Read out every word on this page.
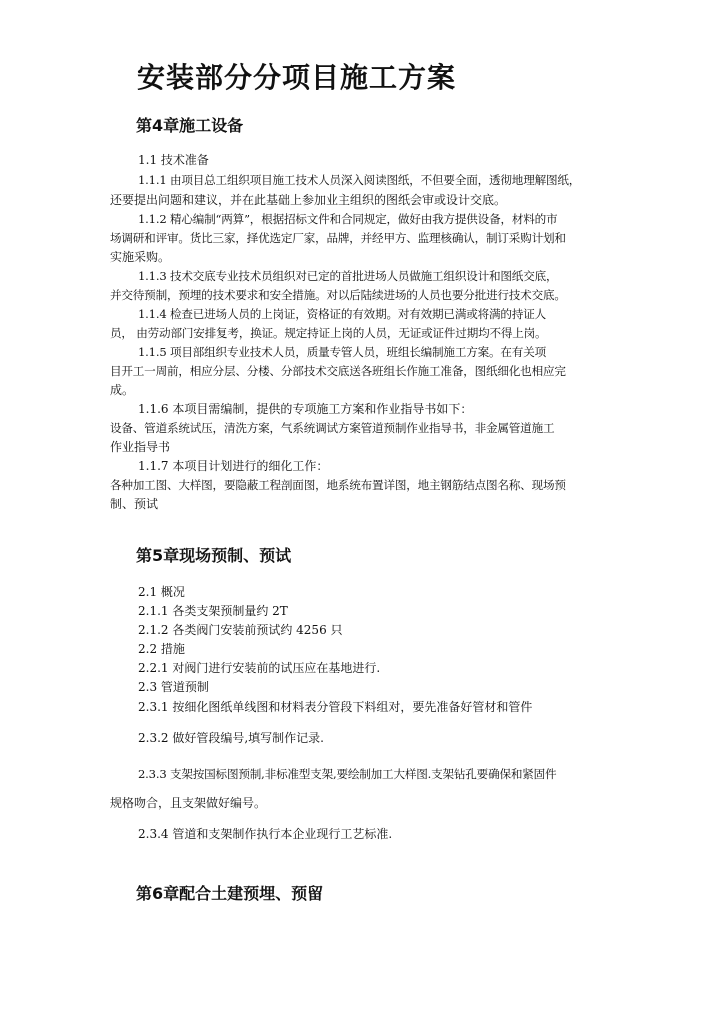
安装部分分项目施工方案
第4章施工设备
1.1 技术准备
1.1.1 由项目总工组织项目施工技术人员深入阅读图纸，不但要全面，透彻地理解图纸，
还要提出问题和建议，并在此基础上参加业主组织的图纸会审或设计交底。
1.1.2 精心编制“两算”，根据招标文件和合同规定，做好由我方提供设备，材料的市
场调研和评审。货比三家，择优选定厂家，品牌，并经甲方、监理核确认，制订采购计划和
实施采购。
1.1.3 技术交底专业技术员组织对已定的首批进场人员做施工组织设计和图纸交底，
并交待预制，预埋的技术要求和安全措施。对以后陆续进场的人员也要分批进行技术交底。
1.1.4 检查已进场人员的上岗证，资格证的有效期。对有效期已满或将满的持证人
员， 由劳动部门安排复考，换证。规定持证上岗的人员，无证或证件过期均不得上岗。
1.1.5 项目部组织专业技术人员，质量专管人员，班组长编制施工方案。在有关项
目开工一周前，相应分层、分楼、分部技术交底送各班组长作施工准备，图纸细化也相应完
成。
1.1.6 本项目需编制，提供的专项施工方案和作业指导书如下：
设备、管道系统试压，清洗方案，气系统调试方案管道预制作业指导书，非金属管道施工
作业指导书
1.1.7 本项目计划进行的细化工作：
各种加工图、大样图，要隐蔽工程剖面图，地系统布置详图，地主钢筋结点图名称、现场预
制、预试
第5章现场预制、预试
2.1 概况
2.1.1 各类支架预制量约 2T
2.1.2 各类阀门安装前预试约 4256 只
2.2 措施
2.2.1 对阀门进行安装前的试压应在基地进行.
2.3 管道预制
2.3.1 按细化图纸单线图和材料表分管段下料组对，要先准备好管材和管件
2.3.2 做好管段编号,填写制作记录.
2.3.3 支架按国标图预制,非标准型支架,要绘制加工大样图.支架钻孔要确保和紧固件
规格吻合，且支架做好编号。
2.3.4 管道和支架制作执行本企业现行工艺标准.
第6章配合土建预埋、预留
